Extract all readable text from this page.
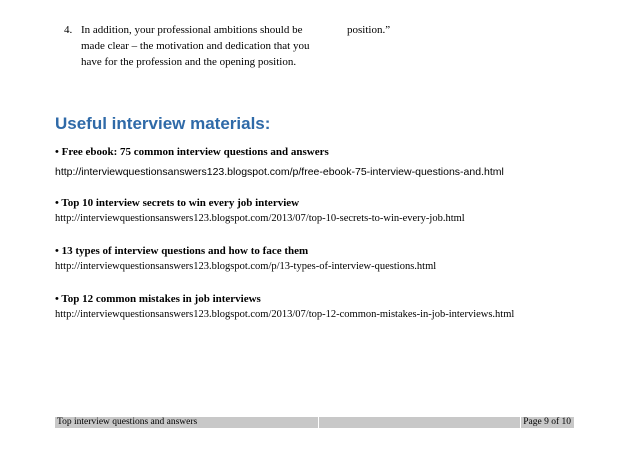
4. In addition, your professional ambitions should be
made clear – the motivation and dedication that you
have for the profession and the opening position.
position.”
Useful interview materials:
• Free ebook: 75 common interview questions and answers
http://interviewquestionsanswers123.blogspot.com/p/free-ebook-75-interview-questions-and.html
• Top 10 interview secrets to win every job interview
http://interviewquestionsanswers123.blogspot.com/2013/07/top-10-secrets-to-win-every-job.html
• 13 types of interview questions and how to face them
http://interviewquestionsanswers123.blogspot.com/p/13-types-of-interview-questions.html
• Top 12 common mistakes in job interviews
http://interviewquestionsanswers123.blogspot.com/2013/07/top-12-common-mistakes-in-job-interviews.html
Top interview questions and answers	Page 9 of 10
